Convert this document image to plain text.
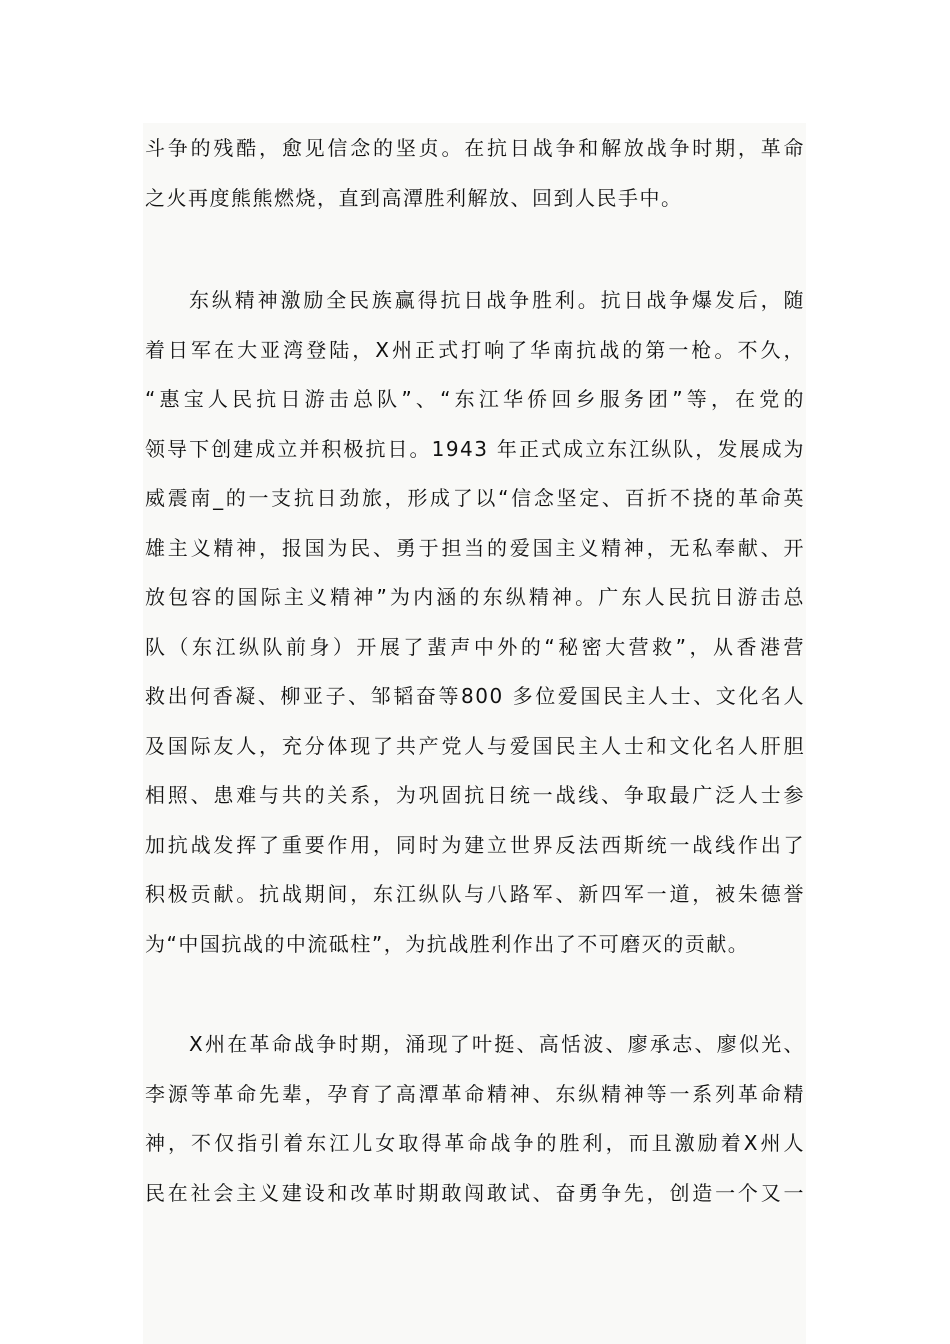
斗争的残酷，愈见信念的坚贞。在抗日战争和解放战争时期，革命
之火再度熊熊燃烧，直到高潭胜利解放、回到人民手中。
东纵精神激励全民族赢得抗日战争胜利。抗日战争爆发后，随
着日军在大亚湾登陆，X州正式打响了华南抗战的第一枪。不久，
“惠宝人民抗日游击总队”、“东江华侨回乡服务团”等，在党的
领导下创建成立并积极抗日。1943 年正式成立东江纵队，发展成为
威震南_的一支抗日劲旅，形成了以“信念坚定、百折不挠的革命英
雄主义精神，报国为民、勇于担当的爱国主义精神，无私奉献、开
放包容的国际主义精神”为内涵的东纵精神。广东人民抗日游击总
队（东江纵队前身）开展了蜚声中外的“秘密大营救”，从香港营
救出何香凝、柳亚子、邹韬奋等800 多位爱国民主人士、文化名人
及国际友人，充分体现了共产党人与爱国民主人士和文化名人肝胆
相照、患难与共的关系，为巩固抗日统一战线、争取最广泛人士参
加抗战发挥了重要作用，同时为建立世界反法西斯统一战线作出了
积极贡献。抗战期间，东江纵队与八路军、新四军一道，被朱德誉
为“中国抗战的中流砥柱”，为抗战胜利作出了不可磨灭的贡献。
X州在革命战争时期，涌现了叶挺、高恬波、廖承志、廖似光、
李源等革命先辈，孕育了高潭革命精神、东纵精神等一系列革命精
神，不仅指引着东江儿女取得革命战争的胜利，而且激励着X州人
民在社会主义建设和改革时期敢闯敢试、奋勇争先，创造一个又一
